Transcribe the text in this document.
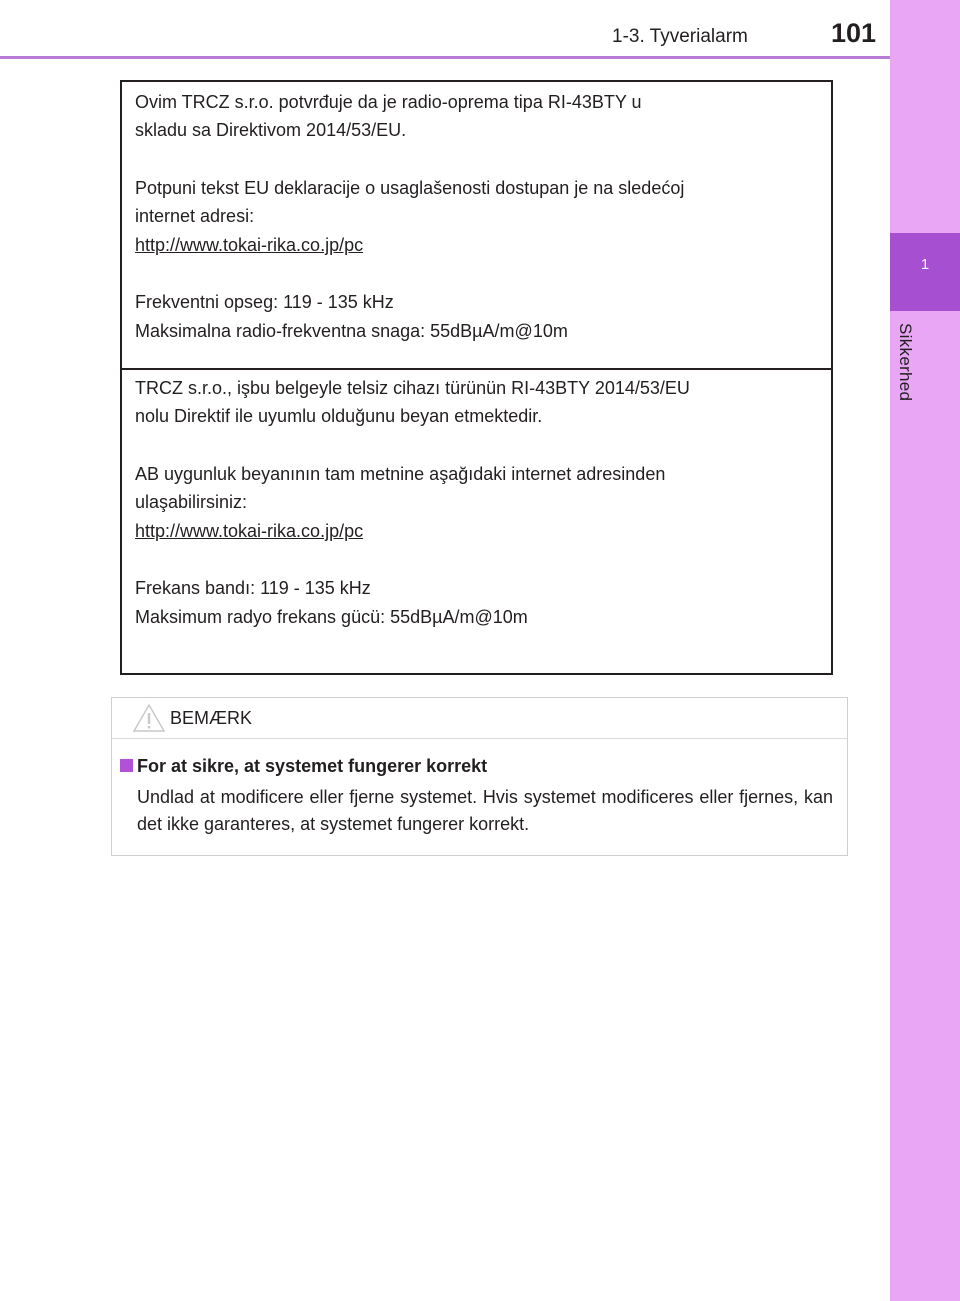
1-3. Tyverialarm	101
1
Sikkerhed
Ovim TRCZ s.r.o. potvrđuje da je radio-oprema tipa RI-43BTY u
skladu sa Direktivom 2014/53/EU.
Potpuni tekst EU deklaracije o usaglašenosti dostupan je na sledećoj
internet adresi:
http://www.tokai-rika.co.jp/pc
Frekventni opseg: 119 - 135 kHz
Maksimalna radio-frekventna snaga: 55dBµA/m@10m
TRCZ s.r.o., işbu belgeyle telsiz cihazı türünün RI-43BTY 2014/53/EU
nolu Direktif ile uyumlu olduğunu beyan etmektedir.
AB uygunluk beyanının tam metnine aşağıdaki internet adresinden
ulaşabilirsiniz:
http://www.tokai-rika.co.jp/pc
Frekans bandı: 119 - 135 kHz
Maksimum radyo frekans gücü: 55dBµA/m@10m
BEMÆRK
For at sikre, at systemet fungerer korrekt
Undlad at modificere eller fjerne systemet. Hvis systemet modificeres eller fjernes, kan det ikke garanteres, at systemet fungerer korrekt.
